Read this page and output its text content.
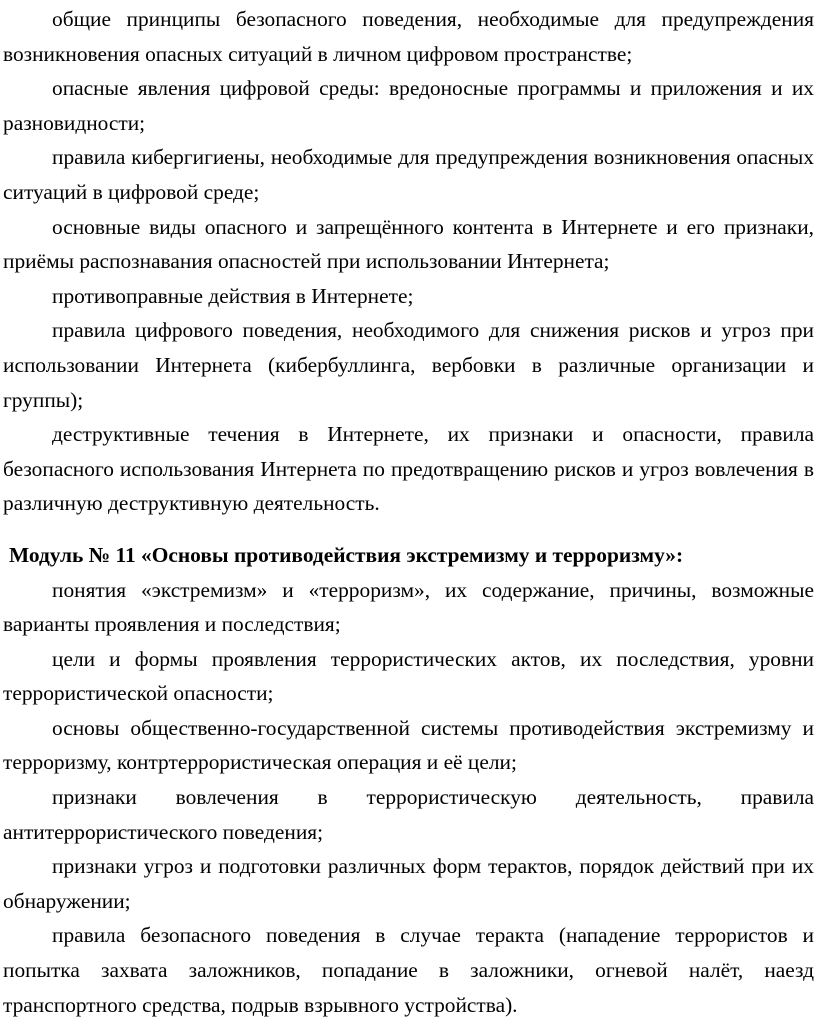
общие принципы безопасного поведения, необходимые для предупреждения возникновения опасных ситуаций в личном цифровом пространстве;

опасные явления цифровой среды: вредоносные программы и приложения и их разновидности;

правила кибергигиены, необходимые для предупреждения возникновения опасных ситуаций в цифровой среде;

основные виды опасного и запрещённого контента в Интернете и его признаки, приёмы распознавания опасностей при использовании Интернета;

противоправные действия в Интернете;

правила цифрового поведения, необходимого для снижения рисков и угроз при использовании Интернета (кибербуллинга, вербовки в различные организации и группы);

деструктивные течения в Интернете, их признаки и опасности, правила безопасного использования Интернета по предотвращению рисков и угроз вовлечения в различную деструктивную деятельность.

Модуль № 11 «Основы противодействия экстремизму и терроризму»:

понятия «экстремизм» и «терроризм», их содержание, причины, возможные варианты проявления и последствия;

цели и формы проявления террористических актов, их последствия, уровни террористической опасности;

основы общественно-государственной системы противодействия экстремизму и терроризму, контртеррористическая операция и её цели;

признаки вовлечения в террористическую деятельность, правила антитеррористического поведения;

признаки угроз и подготовки различных форм терактов, порядок действий при их обнаружении;

правила безопасного поведения в случае теракта (нападение террористов и попытка захвата заложников, попадание в заложники, огневой налёт, наезд транспортного средства, подрыв взрывного устройства).
